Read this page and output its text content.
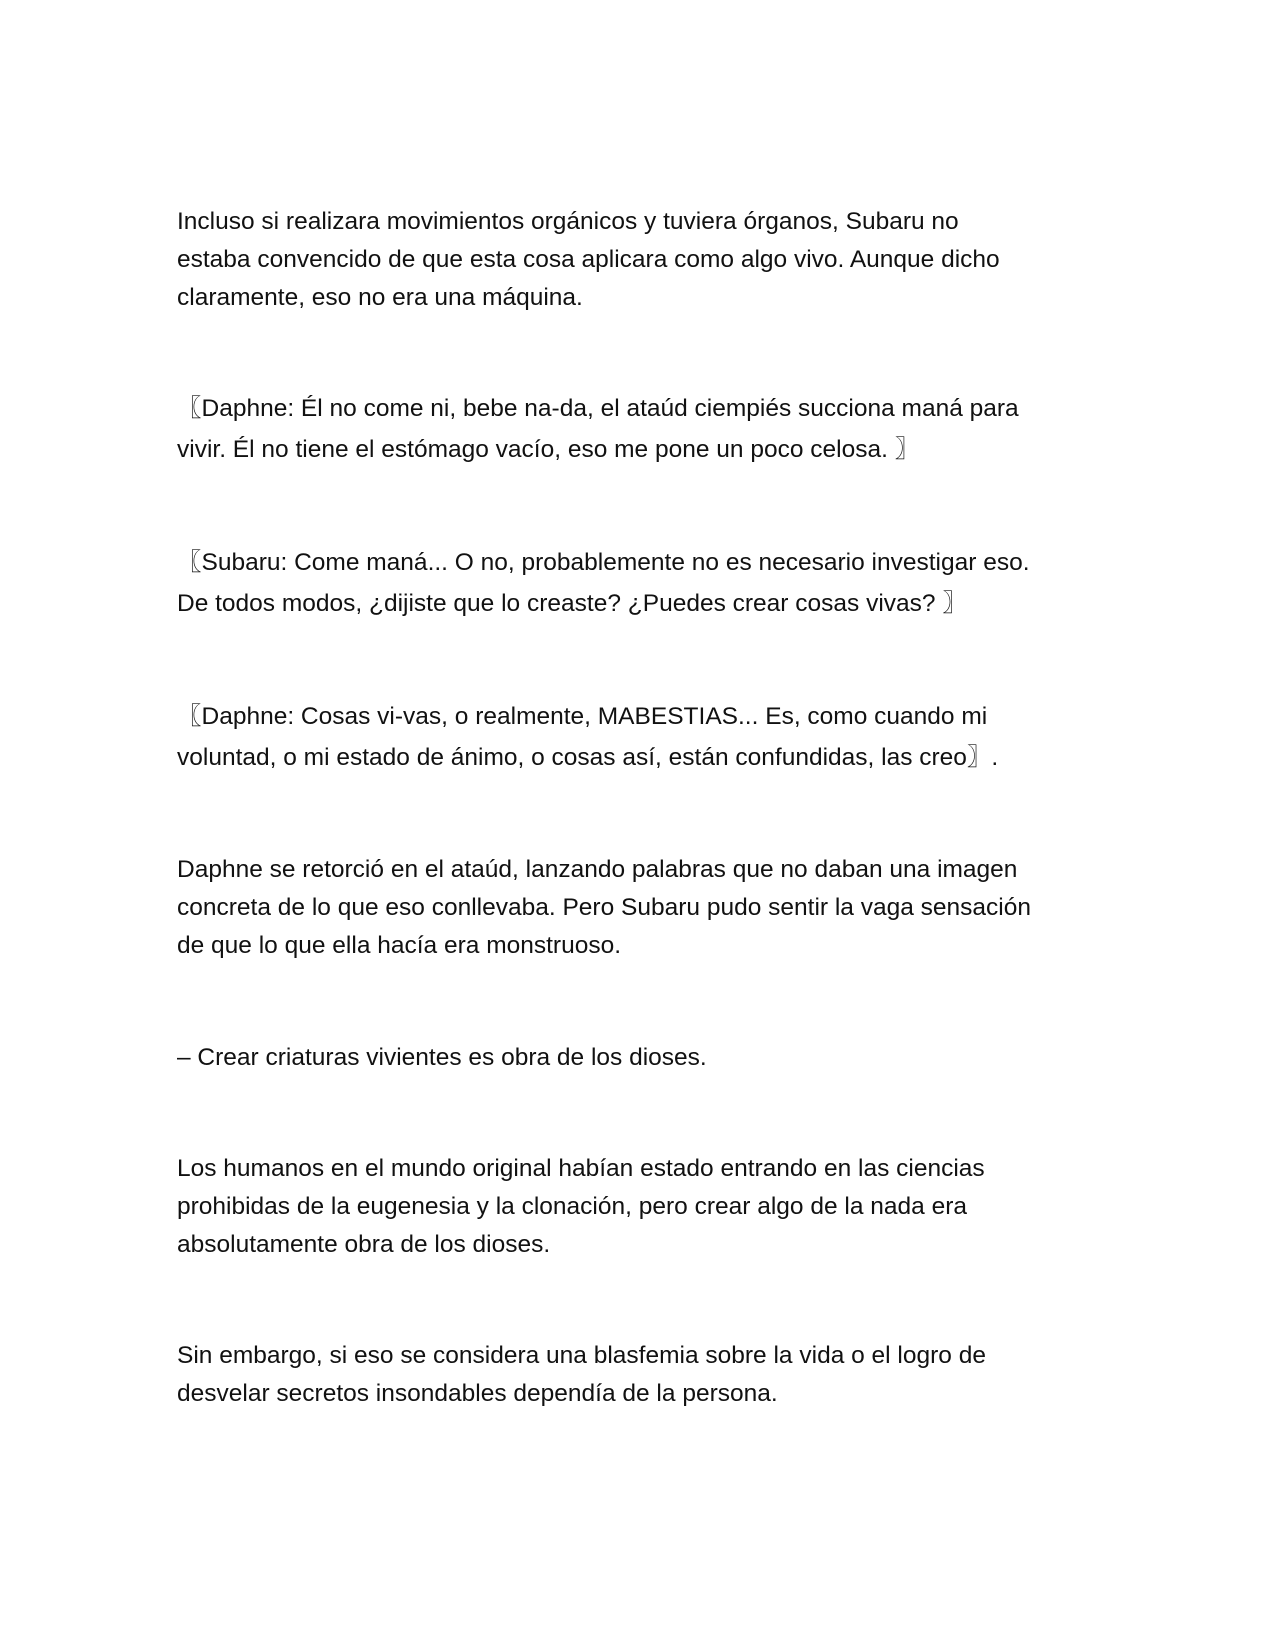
Incluso si realizara movimientos orgánicos y tuviera órganos, Subaru no
estaba convencido de que esta cosa aplicara como algo vivo. Aunque dicho
claramente, eso no era una máquina.

〖Daphne: Él no come ni, bebe na-da, el ataúd ciempiés succiona maná para
vivir. Él no tiene el estómago vacío, eso me pone un poco celosa. 〗

〖Subaru: Come maná... O no, probablemente no es necesario investigar eso.
De todos modos, ¿dijiste que lo creaste? ¿Puedes crear cosas vivas? 〗

〖Daphne: Cosas vi-vas, o realmente, MABESTIAS... Es, como cuando mi
voluntad, o mi estado de ánimo, o cosas así, están confundidas, las creo〗.

Daphne se retorció en el ataúd, lanzando palabras que no daban una imagen
concreta de lo que eso conllevaba. Pero Subaru pudo sentir la vaga sensación
de que lo que ella hacía era monstruoso.

– Crear criaturas vivientes es obra de los dioses.

Los humanos en el mundo original habían estado entrando en las ciencias
prohibidas de la eugenesia y la clonación, pero crear algo de la nada era
absolutamente obra de los dioses.

Sin embargo, si eso se considera una blasfemia sobre la vida o el logro de
desvelar secretos insondables dependía de la persona.
